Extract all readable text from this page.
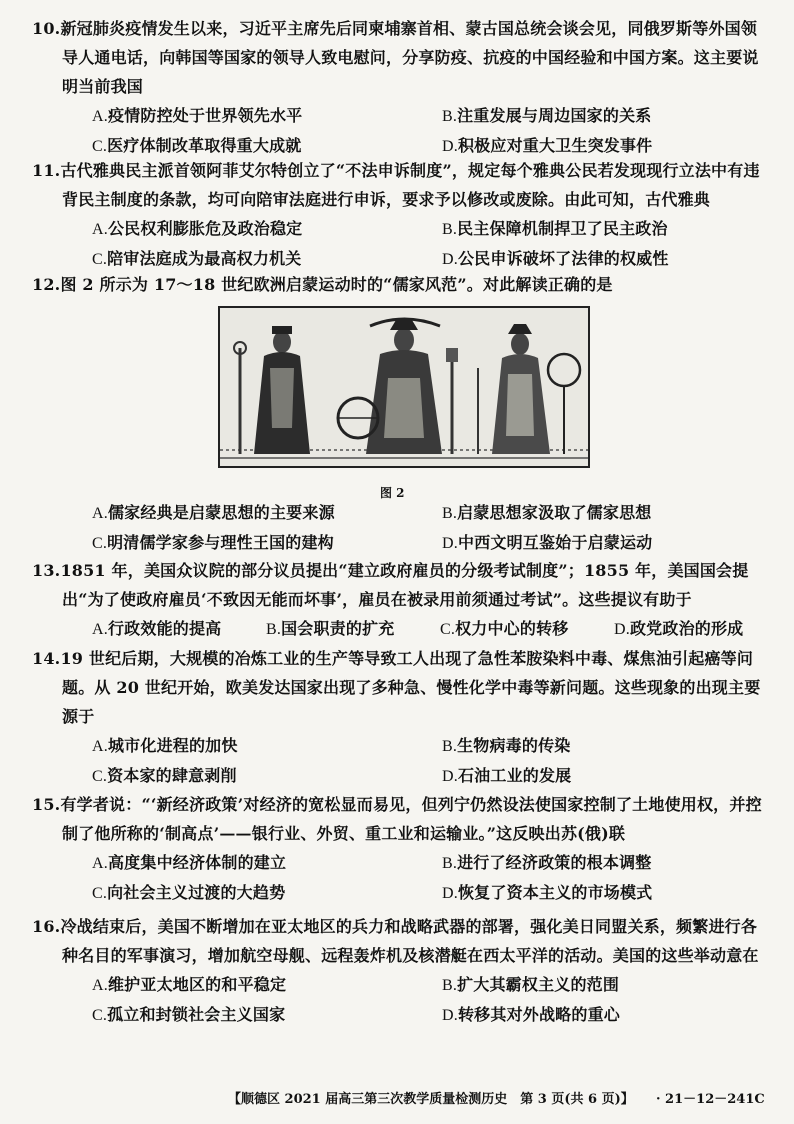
10.新冠肺炎疫情发生以来，习近平主席先后同柬埔寨首相、蒙古国总统会谈会见，同俄罗斯等外国领导人通电话，向韩国等国家的领导人致电慰问，分享防疫、抗疫的中国经验和中国方案。这主要说明当前我国

A.疫情防控处于世界领先水平	B.注重发展与周边国家的关系
C.医疗体制改革取得重大成就	D.积极应对重大卫生突发事件

11.古代雅典民主派首领阿菲艾尔特创立了“不法申诉制度”，规定每个雅典公民若发现现行立法中有违背民主制度的条款，均可向陪审法庭进行申诉，要求予以修改或废除。由此可知，古代雅典

A.公民权利膨胀危及政治稳定	B.民主保障机制捍卫了民主政治
C.陪审法庭成为最高权力机关	D.公民申诉破坏了法律的权威性

12.图 2 所示为 17～18 世纪欧洲启蒙运动时的“儒家风范”。对此解读正确的是

图 2
A.儒家经典是启蒙思想的主要来源	B.启蒙思想家汲取了儒家思想
C.明清儒学家参与理性王国的建构	D.中西文明互鉴始于启蒙运动

13.1851 年，美国众议院的部分议员提出“建立政府雇员的分级考试制度”；1855 年，美国国会提出“为了使政府雇员‘不致因无能而坏事’，雇员在被录用前须通过考试”。这些提议有助于

A.行政效能的提高	B.国会职责的扩充	C.权力中心的转移	D.政党政治的形成

14.19 世纪后期，大规模的冶炼工业的生产等导致工人出现了急性苯胺染料中毒、煤焦油引起癌等问题。从 20 世纪开始，欧美发达国家出现了多种急、慢性化学中毒等新问题。这些现象的出现主要源于

A.城市化进程的加快	B.生物病毒的传染
C.资本家的肆意剥削	D.石油工业的发展

15.有学者说：“‘新经济政策’对经济的宽松显而易见，但列宁仍然设法使国家控制了土地使用权，并控制了他所称的‘制高点’——银行业、外贸、重工业和运输业。”这反映出苏(俄)联

A.高度集中经济体制的建立	B.进行了经济政策的根本调整
C.向社会主义过渡的大趋势	D.恢复了资本主义的市场模式

16.冷战结束后，美国不断增加在亚太地区的兵力和战略武器的部署，强化美日同盟关系，频繁进行各种名目的军事演习，增加航空母舰、远程轰炸机及核潜艇在西太平洋的活动。美国的这些举动意在

A.维护亚太地区的和平稳定	B.扩大其霸权主义的范围
C.孤立和封锁社会主义国家	D.转移其对外战略的重心
【顺德区 2021 届高三第三次教学质量检测历史　第 3 页(共 6 页)】 · 21－12－241C
